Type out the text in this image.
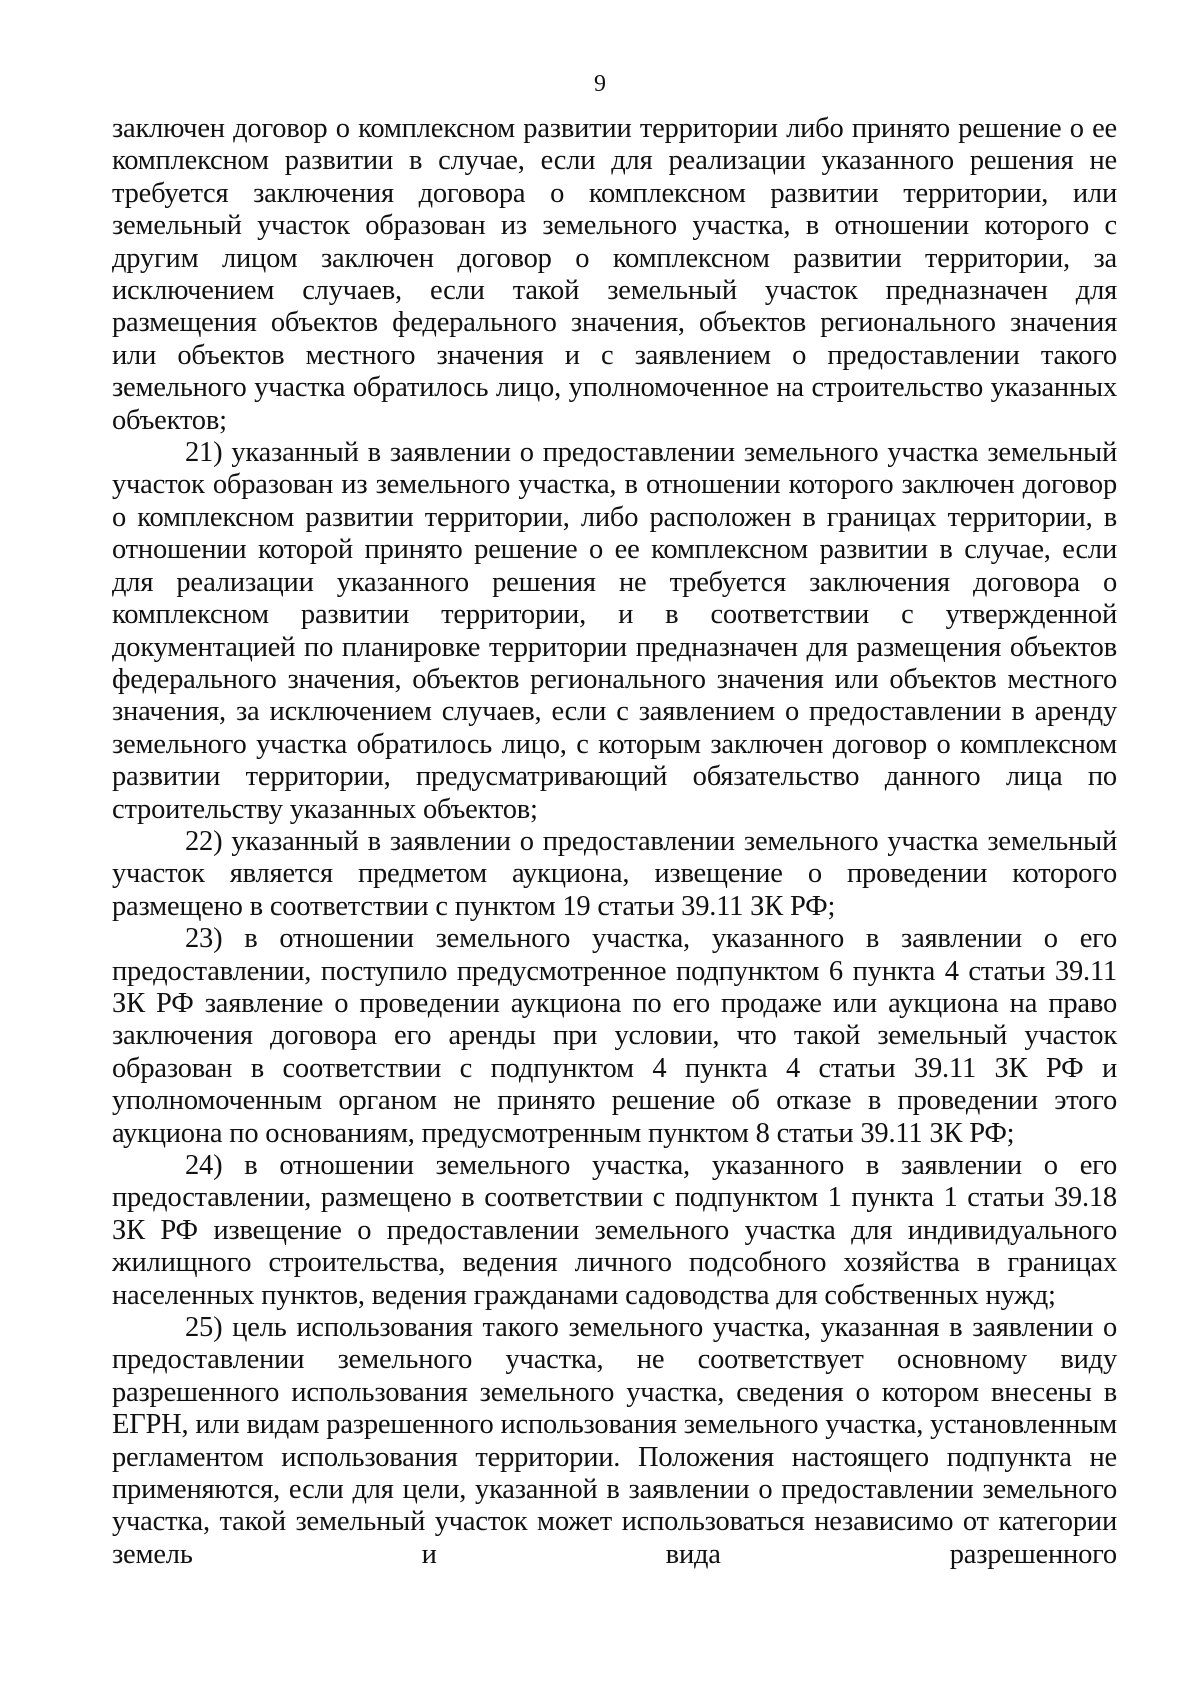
9

заключен договор о комплексном развитии территории либо принято решение о ее комплексном развитии в случае, если для реализации указанного решения не требуется заключения договора о комплексном развитии территории, или земельный участок образован из земельного участка, в отношении которого с другим лицом заключен договор о комплексном развитии территории, за исключением случаев, если такой земельный участок предназначен для размещения объектов федерального значения, объектов регионального значения или объектов местного значения и с заявлением о предоставлении такого земельного участка обратилось лицо, уполномоченное на строительство указанных объектов;

21) указанный в заявлении о предоставлении земельного участка земельный участок образован из земельного участка, в отношении которого заключен договор о комплексном развитии территории, либо расположен в границах территории, в отношении которой принято решение о ее комплексном развитии в случае, если для реализации указанного решения не требуется заключения договора о комплексном развитии территории, и в соответствии с утвержденной документацией по планировке территории предназначен для размещения объектов федерального значения, объектов регионального значения или объектов местного значения, за исключением случаев, если с заявлением о предоставлении в аренду земельного участка обратилось лицо, с которым заключен договор о комплексном развитии территории, предусматривающий обязательство данного лица по строительству указанных объектов;

22) указанный в заявлении о предоставлении земельного участка земельный участок является предметом аукциона, извещение о проведении которого размещено в соответствии с пунктом 19 статьи 39.11 ЗК РФ;

23) в отношении земельного участка, указанного в заявлении о его предоставлении, поступило предусмотренное подпунктом 6 пункта 4 статьи 39.11 ЗК РФ заявление о проведении аукциона по его продаже или аукциона на право заключения договора его аренды при условии, что такой земельный участок образован в соответствии с подпунктом 4 пункта 4 статьи 39.11 ЗК РФ и уполномоченным органом не принято решение об отказе в проведении этого аукциона по основаниям, предусмотренным пунктом 8 статьи 39.11 ЗК РФ;

24) в отношении земельного участка, указанного в заявлении о его предоставлении, размещено в соответствии с подпунктом 1 пункта 1 статьи 39.18 ЗК РФ извещение о предоставлении земельного участка для индивидуального жилищного строительства, ведения личного подсобного хозяйства в границах населенных пунктов, ведения гражданами садоводства для собственных нужд;

25) цель использования такого земельного участка, указанная в заявлении о предоставлении земельного участка, не соответствует основному виду разрешенного использования земельного участка, сведения о котором внесены в ЕГРН, или видам разрешенного использования земельного участка, установленным регламентом использования территории. Положения настоящего подпункта не применяются, если для цели, указанной в заявлении о предоставлении земельного участка, такой земельный участок может использоваться независимо от категории земель и вида разрешенного
